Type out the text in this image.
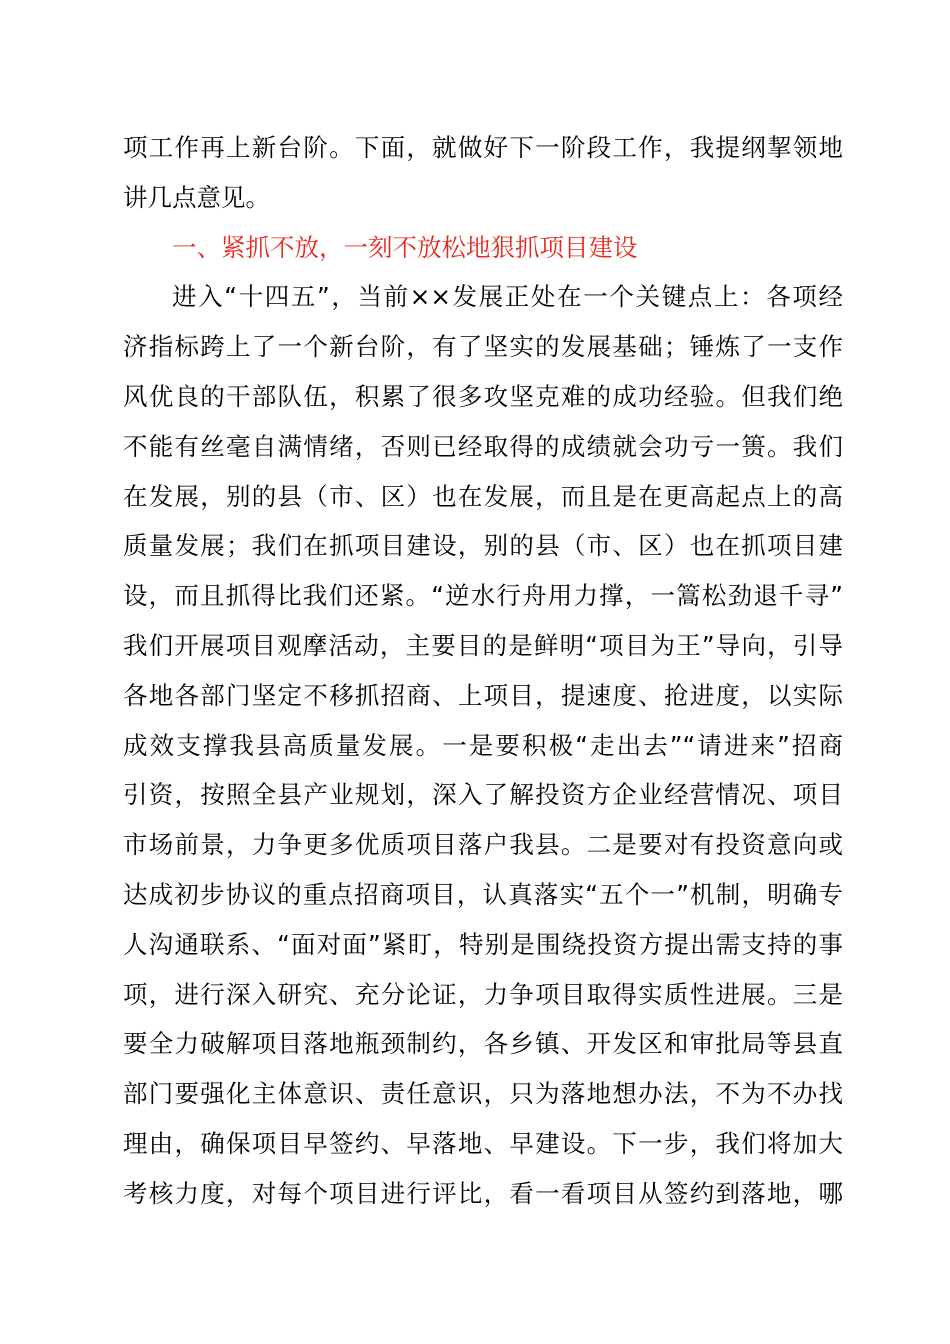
项工作再上新台阶。下面，就做好下一阶段工作，我提纲挈领地
讲几点意见。
一、紧抓不放，一刻不放松地狠抓项目建设
进入“十四五”，当前××发展正处在一个关键点上：各项经
济指标跨上了一个新台阶，有了坚实的发展基础；锤炼了一支作
风优良的干部队伍，积累了很多攻坚克难的成功经验。但我们绝
不能有丝毫自满情绪，否则已经取得的成绩就会功亏一篑。我们
在发展，别的县（市、区）也在发展，而且是在更高起点上的高
质量发展；我们在抓项目建设，别的县（市、区）也在抓项目建
设，而且抓得比我们还紧。“逆水行舟用力撑，一篙松劲退千寻”
我们开展项目观摩活动，主要目的是鲜明“项目为王”导向，引导
各地各部门坚定不移抓招商、上项目，提速度、抢进度，以实际
成效支撑我县高质量发展。一是要积极“走出去”“请进来”招商
引资，按照全县产业规划，深入了解投资方企业经营情况、项目
市场前景，力争更多优质项目落户我县。二是要对有投资意向或
达成初步协议的重点招商项目，认真落实“五个一”机制，明确专
人沟通联系、“面对面”紧盯，特别是围绕投资方提出需支持的事
项，进行深入研究、充分论证，力争项目取得实质性进展。三是
要全力破解项目落地瓶颈制约，各乡镇、开发区和审批局等县直
部门要强化主体意识、责任意识，只为落地想办法，不为不办找
理由，确保项目早签约、早落地、早建设。下一步，我们将加大
考核力度，对每个项目进行评比，看一看项目从签约到落地，哪
